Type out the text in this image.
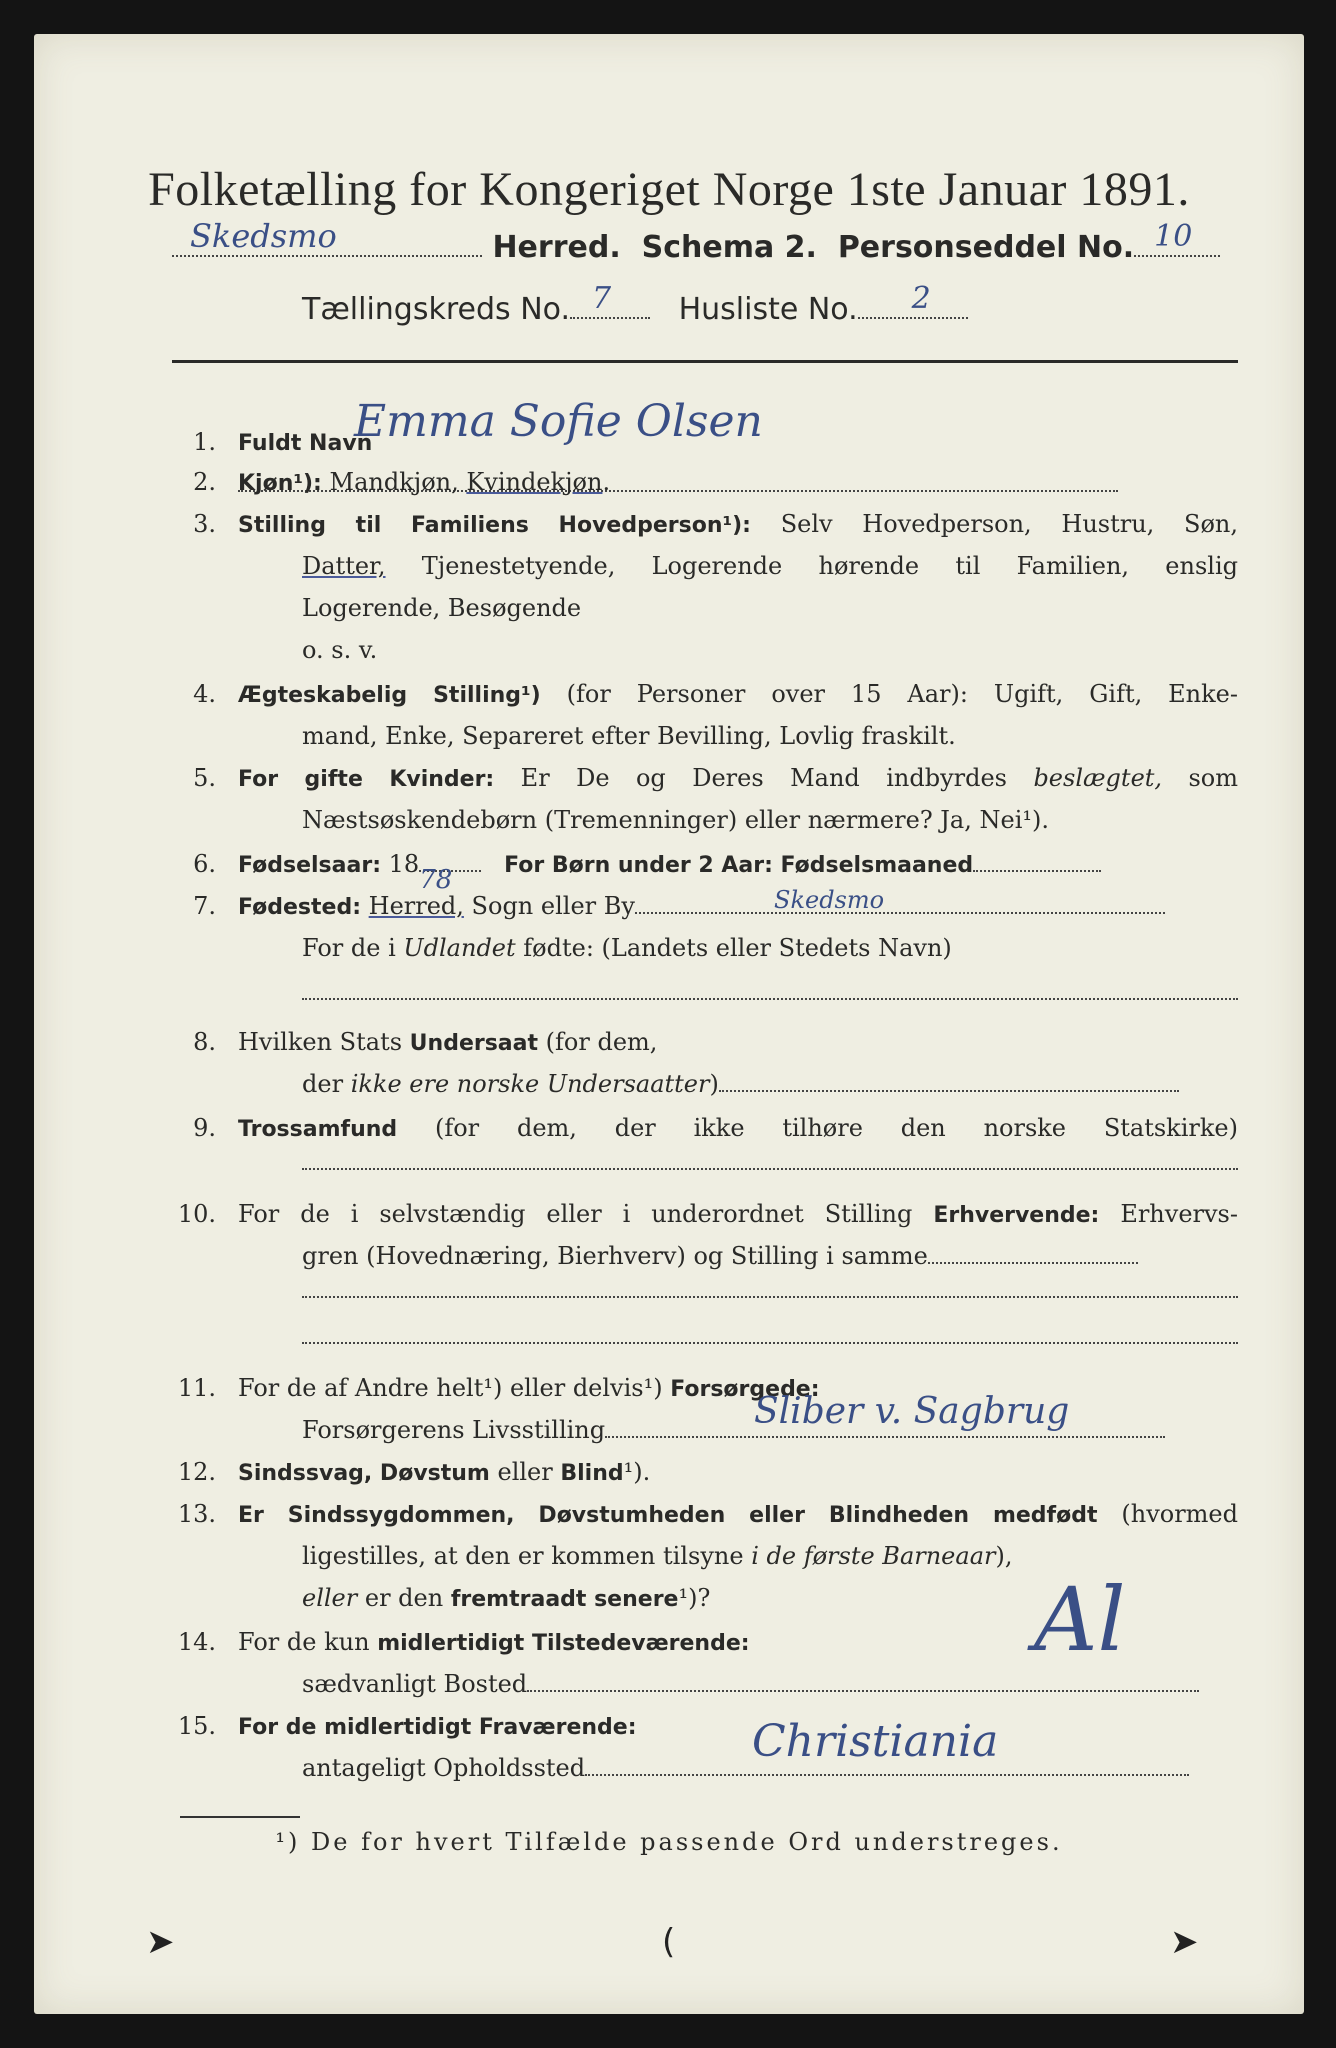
Folketælling for Kongeriget Norge 1ste Januar 1891.
Skedsmo	Herred. Schema 2. Personseddel No. 10
Tællingskreds No. 7 Husliste No. 2
1. Fuldt Navn
Emma Sofie Olsen
2. Kjøn¹): Mandkjøn, Kvindekjøn.
3. Stilling til Familiens Hovedperson¹): Selv Hovedperson, Hustru, Søn,
Datter, Tjenestetyende, Logerende hørende til Familien, enslig
Logerende, Besøgende
o. s. v.
4. Ægteskabelig Stilling¹) (for Personer over 15 Aar): Ugift, Gift, Enke-
mand, Enke, Separeret efter Bevilling, Lovlig fraskilt.
5. For gifte Kvinder: Er De og Deres Mand indbyrdes beslægtet, som
Næstsøskendebørn (Tremenninger) eller nærmere? Ja, Nei¹).
6. Fødselsaar: 18
78 For Børn under 2 Aar: Fødselsmaaned
7. Fødested: Herred, Sogn eller By	Skedsmo
For de i Udlandet fødte: (Landets eller Stedets Navn)
8. Hvilken Stats Undersaat (for dem,
der ikke ere norske Undersaatter)
9. Trossamfund (for dem, der ikke tilhøre den norske Statskirke)
10. For de i selvstændig eller i underordnet Stilling Erhvervende: Erhvervs-
gren (Hovednæring, Bierhverv) og Stilling i samme
11. For de af Andre helt¹) eller delvis¹) Forsørgede:
Forsørgerens Livsstilling	Sliber v. Sagbrug
12. Sindssvag, Døvstum eller Blind¹).
13. Er Sindssygdommen, Døvstumheden eller Blindheden medfødt (hvormed
ligestilles, at den er kommen tilsyne i de første Barneaar),
eller er den fremtraadt senere¹)?
14. For de kun midlertidigt Tilstedeværende:
sædvanligt Bosted
Al
15. For de midlertidigt Fraværende:
antageligt Opholdssted
Christiania
¹) De for hvert Tilfælde passende Ord understreges.
➤	(	➤
